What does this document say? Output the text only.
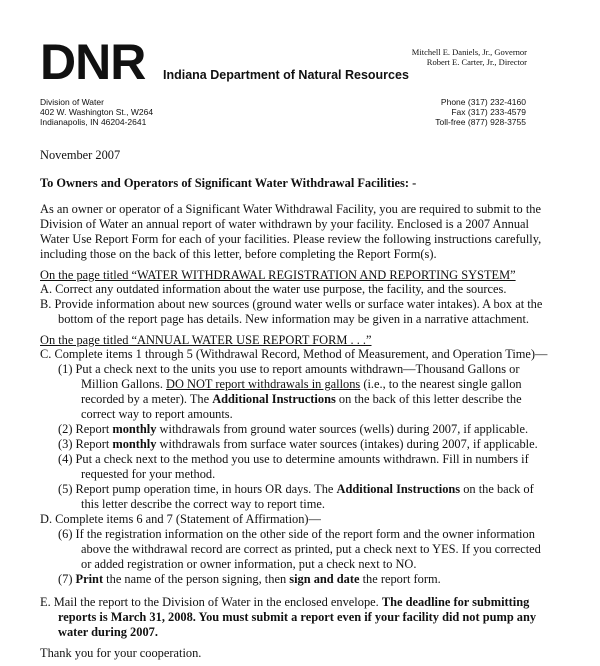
DNR Indiana Department of Natural Resources
Mitchell E. Daniels, Jr., Governor
Robert E. Carter, Jr., Director
Division of Water
402 W. Washington St., W264
Indianapolis, IN 46204-2641
Phone (317) 232-4160
Fax (317) 233-4579
Toll-free (877) 928-3755
November 2007
To Owners and Operators of Significant Water Withdrawal Facilities: -
As an owner or operator of a Significant Water Withdrawal Facility, you are required to submit to the
Division of Water an annual report of water withdrawn by your facility. Enclosed is a 2007 Annual
Water Use Report Form for each of your facilities. Please review the following instructions carefully,
including those on the back of this letter, before completing the Report Form(s).
On the page titled “WATER WITHDRAWAL REGISTRATION AND REPORTING SYSTEM”
A. Correct any outdated information about the water use purpose, the facility, and the sources.
B. Provide information about new sources (ground water wells or surface water intakes). A box at the
bottom of the report page has details. New information may be given in a narrative attachment.
On the page titled “ANNUAL WATER USE REPORT FORM . . .”
C. Complete items 1 through 5 (Withdrawal Record, Method of Measurement, and Operation Time)—
(1) Put a check next to the units you use to report amounts withdrawn—Thousand Gallons or
Million Gallons. DO NOT report withdrawals in gallons (i.e., to the nearest single gallon
recorded by a meter). The Additional Instructions on the back of this letter describe the
correct way to report amounts.
(2) Report monthly withdrawals from ground water sources (wells) during 2007, if applicable.
(3) Report monthly withdrawals from surface water sources (intakes) during 2007, if applicable.
(4) Put a check next to the method you use to determine amounts withdrawn. Fill in numbers if
requested for your method.
(5) Report pump operation time, in hours OR days. The Additional Instructions on the back of
this letter describe the correct way to report time.
D. Complete items 6 and 7 (Statement of Affirmation)—
(6) If the registration information on the other side of the report form and the owner information
above the withdrawal record are correct as printed, put a check next to YES. If you corrected
or added registration or owner information, put a check next to NO.
(7) Print the name of the person signing, then sign and date the report form.
E. Mail the report to the Division of Water in the enclosed envelope. The deadline for submitting
reports is March 31, 2008. You must submit a report even if your facility did not pump any
water during 2007.
Thank you for your cooperation.
